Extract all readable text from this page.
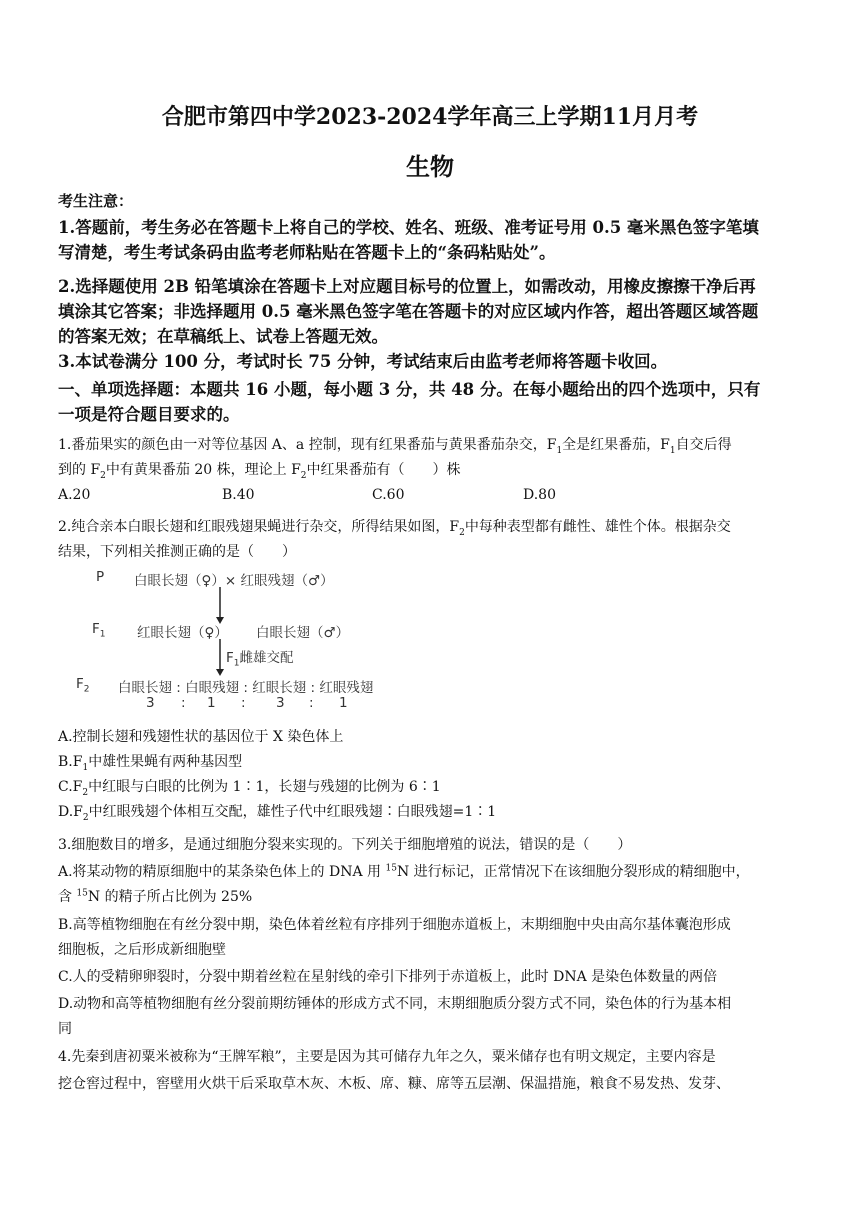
合肥市第四中学2023-2024学年高三上学期11月月考
生物
考生注意：
1.答题前，考生务必在答题卡上将自己的学校、姓名、班级、准考证号用 0.5 毫米黑色签字笔填
写清楚，考生考试条码由监考老师粘贴在答题卡上的“条码粘贴处”。
2.选择题使用 2B 铅笔填涂在答题卡上对应题目标号的位置上，如需改动，用橡皮擦擦干净后再
填涂其它答案；非选择题用 0.5 毫米黑色签字笔在答题卡的对应区域内作答，超出答题区域答题
的答案无效；在草稿纸上、试卷上答题无效。
3.本试卷满分 100 分，考试时长 75 分钟，考试结束后由监考老师将答题卡收回。
一、单项选择题：本题共 16 小题，每小题 3 分，共 48 分。在每小题给出的四个选项中，只有
一项是符合题目要求的。
1.番茄果实的颜色由一对等位基因 A、a 控制，现有红果番茄与黄果番茄杂交，$F_1$全是红果番茄，$F_1$自交后得
到的 $F_2$中有黄果番茄 20 株，理论上 $F_2$中红果番茄有（　　）株
A.20	B.40	C.60	D.80
2.纯合亲本白眼长翅和红眼残翅果蝇进行杂交，所得结果如图，$F_2$中每种表型都有雌性、雄性个体。根据杂交
结果，下列相关推测正确的是（　　）
P 白眼长翅（♀）× 红眼残翅（♂）
$F_1$ 红眼长翅（♀） 白眼长翅（♂）
$F_1$雌雄交配
$F_2$ 白眼长翅 : 白眼残翅 : 红眼长翅 : 红眼残翅
3 : 1 : 3 : 1
A.控制长翅和残翅性状的基因位于 X 染色体上
$B.F_1$中雄性果蝇有两种基因型
$C.F_2$中红眼与白眼的比例为 1∶1，长翅与残翅的比例为 6∶1
$D.F_2$中红眼残翅个体相互交配，雄性子代中红眼残翅∶白眼残翅=1∶1
3.细胞数目的增多，是通过细胞分裂来实现的。下列关于细胞增殖的说法，错误的是（　　）
A.将某动物的精原细胞中的某条染色体上的 DNA 用 $^{15}$N 进行标记，正常情况下在该细胞分裂形成的精细胞中，
含 $^{15}$N 的精子所占比例为 25%
B.高等植物细胞在有丝分裂中期，染色体着丝粒有序排列于细胞赤道板上，末期细胞中央由高尔基体囊泡形成
细胞板，之后形成新细胞壁
C.人的受精卵卵裂时，分裂中期着丝粒在星射线的牵引下排列于赤道板上，此时 DNA 是染色体数量的两倍
D.动物和高等植物细胞有丝分裂前期纺锤体的形成方式不同，末期细胞质分裂方式不同，染色体的行为基本相
同
4.先秦到唐初粟米被称为“王牌军粮”，主要是因为其可储存九年之久，粟米储存也有明文规定，主要内容是
挖仓窖过程中，窖壁用火烘干后采取草木灰、木板、席、糠、席等五层潮、保温措施，粮食不易发热、发芽、
